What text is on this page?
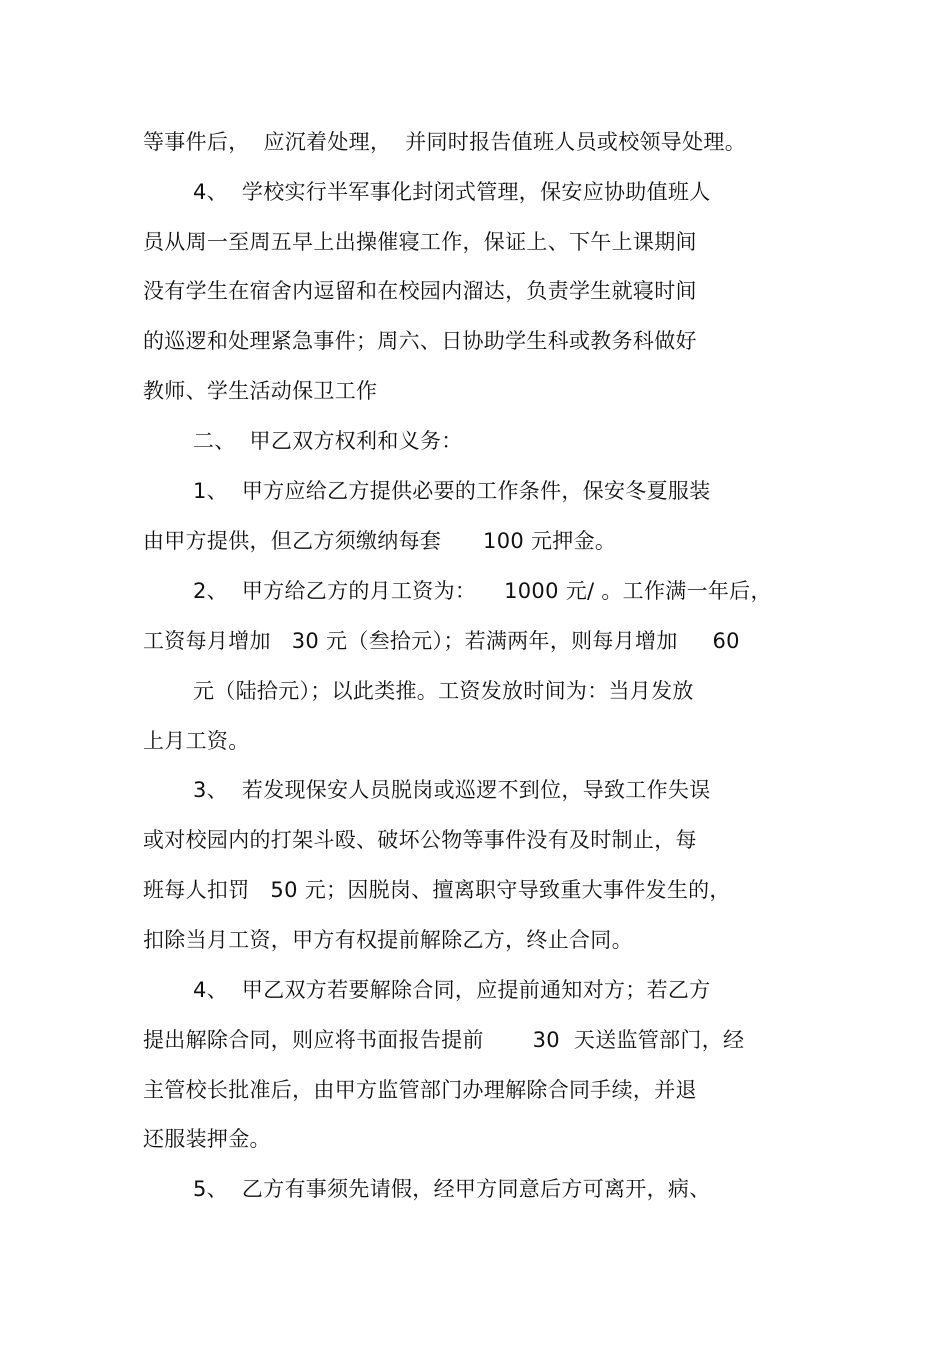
等事件后，  应沉着处理，  并同时报告值班人员或校领导处理。
4、  学校实行半军事化封闭式管理，保安应协助值班人
员从周一至周五早上出操催寝工作，保证上、下午上课期间
没有学生在宿舍内逗留和在校园内溜达，负责学生就寝时间
的巡逻和处理紧急事件；周六、日协助学生科或教务科做好
教师、学生活动保卫工作
二、  甲乙双方权利和义务：
1、  甲方应给乙方提供必要的工作条件，保安冬夏服装
由甲方提供，但乙方须缴纳每套      100 元押金。
2、  甲方给乙方的月工资为：    1000 元/ 。工作满一年后，
工资每月增加   30 元（叁拾元）；若满两年，则每月增加     60
元（陆拾元）；以此类推。工资发放时间为：当月发放
上月工资。
3、  若发现保安人员脱岗或巡逻不到位，导致工作失误
或对校园内的打架斗殴、破坏公物等事件没有及时制止，每
班每人扣罚   50 元；因脱岗、擅离职守导致重大事件发生的，
扣除当月工资，甲方有权提前解除乙方，终止合同。
4、  甲乙双方若要解除合同，应提前通知对方；若乙方
提出解除合同，则应将书面报告提前       30  天送监管部门，经
主管校长批准后，由甲方监管部门办理解除合同手续，并退
还服装押金。
5、  乙方有事须先请假，经甲方同意后方可离开，病、
